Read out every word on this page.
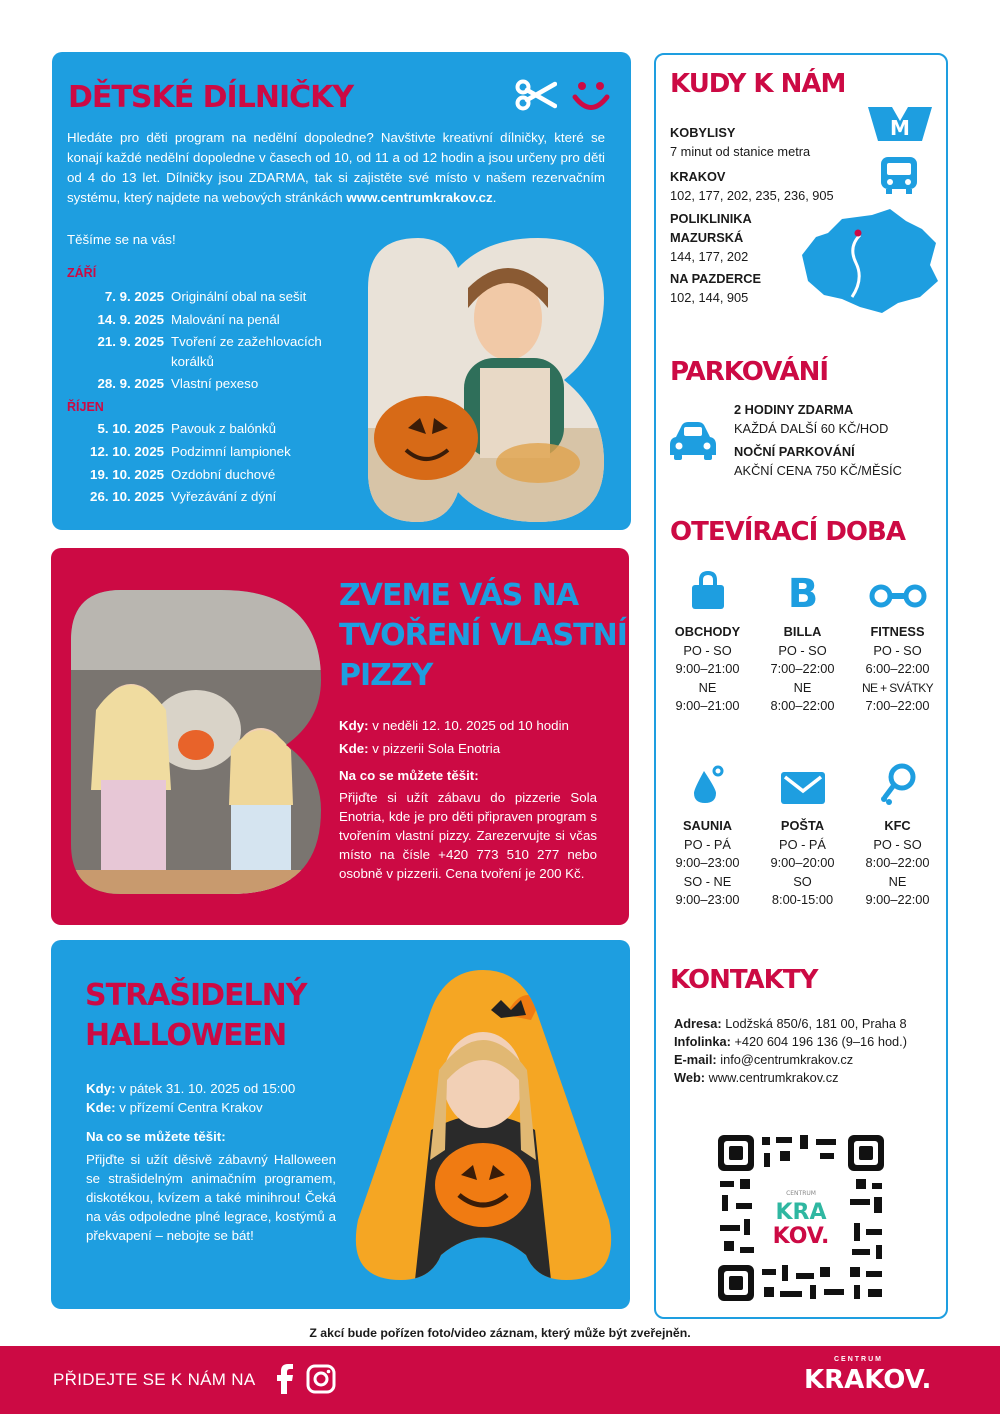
DĚTSKÉ DÍLNIČKY
Hledáte pro děti program na nedělní dopoledne? Navštivte kreativní dílničky, které se konají každé nedělní dopoledne v časech od 10, od 11 a od 12 hodin a jsou určeny pro děti od 4 do 13 let. Dílničky jsou ZDARMA, tak si zajistěte své místo v našem rezervačním systému, který najdete na webových stránkách www.centrumkrakov.cz.
Těšíme se na vás!
ZÁŘÍ
7. 9. 2025 Originální obal na sešit
14. 9. 2025 Malování na penál
21. 9. 2025 Tvoření ze zažehlovacích korálků
28. 9. 2025 Vlastní pexeso
ŘÍJEN
5. 10. 2025 Pavouk z balónků
12. 10. 2025 Podzimní lampionek
19. 10. 2025 Ozdobní duchové
26. 10. 2025 Vyřezávání z dýní
ZVEME VÁS NA
TVOŘENÍ VLASTNÍ
PIZZY
Kdy: v neděli 12. 10. 2025 od 10 hodin
Kde: v pizzerii Sola Enotria
Na co se můžete těšit:
Přijďte si užít zábavu do pizzerie Sola Enotria, kde je pro děti připraven program s tvořením vlastní pizzy. Zarezervujte si včas místo na čísle +420 773 510 277 nebo osobně v pizzerii. Cena tvoření je 200 Kč.
STRAŠIDELNÝ
HALLOWEEN
Kdy: v pátek 31. 10. 2025 od 15:00
Kde: v přízemí Centra Krakov
Na co se můžete těšit:
Přijďte si užít děsivě zábavný Halloween se strašidelným animačním programem, diskotékou, kvízem a také minihrou! Čeká na vás odpoledne plné legrace, kostýmů a překvapení – nebojte se bát!
KUDY K NÁM
M
KOBYLISY
7 minut od stanice metra
KRAKOV
102, 177, 202, 235, 236, 905
POLIKLINIKA MAZURSKÁ
144, 177, 202
NA PAZDERCE
102, 144, 905
PARKOVÁNÍ
2 HODINY ZDARMA
KAŽDÁ DALŠÍ 60 KČ/HOD
NOČNÍ PARKOVÁNÍ
AKČNÍ CENA 750 KČ/MĚSÍC
OTEVÍRACÍ DOBA
OBCHODY
PO - SO
9:00–21:00
NE
9:00–21:00
B
BILLA
PO - SO
7:00–22:00
NE
8:00–22:00
FITNESS
PO - SO
6:00–22:00
NE + SVÁTKY
7:00–22:00
SAUNIA
PO - PÁ
9:00–23:00
SO - NE
9:00–23:00
POŠTA
PO - PÁ
9:00–20:00
SO
8:00-15:00
KFC
PO - SO
8:00–22:00
NE
9:00–22:00
KONTAKTY
Adresa: Lodžská 850/6, 181 00, Praha 8
Infolinka: +420 604 196 136 (9–16 hod.)
E-mail: info@centrumkrakov.cz
Web: www.centrumkrakov.cz
CENTRUM
KRA
KOV.
Z akcí bude pořízen foto/video záznam, který může být zveřejněn.
PŘIDEJTE SE K NÁM NA
CENTRUM
KRAKOV.
